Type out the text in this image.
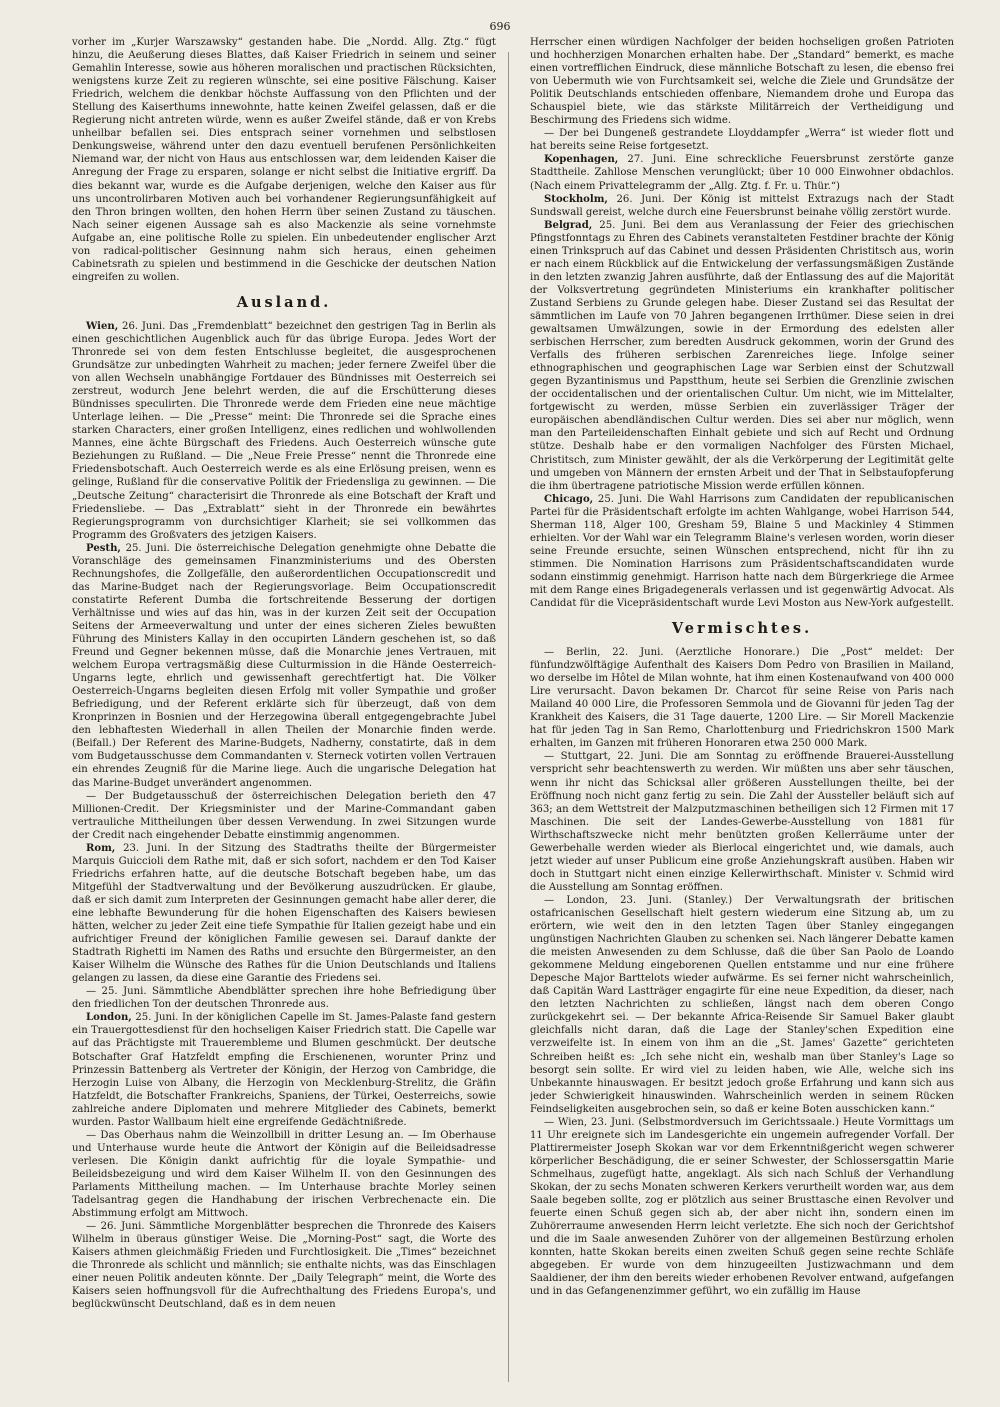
696

vorher im „Kurjer Warszawsky“ gestanden habe. Die „Nordd. Allg. Ztg.“ fügt hinzu, die Aeußerung dieses Blattes, daß Kaiser Friedrich in seinem und seiner Gemahlin Interesse, sowie aus höheren moralischen und practischen Rücksichten, wenigstens kurze Zeit zu regieren wünschte, sei eine positive Fälschung. Kaiser Friedrich, welchem die denkbar höchste Auffassung von den Pflichten und der Stellung des Kaiserthums innewohnte, hatte keinen Zweifel gelassen, daß er die Regierung nicht antreten würde, wenn es außer Zweifel stände, daß er von Krebs unheilbar befallen sei. Dies entsprach seiner vornehmen und selbstlosen Denkungsweise, während unter den dazu eventuell berufenen Persönlichkeiten Niemand war, der nicht von Haus aus entschlossen war, dem leidenden Kaiser die Anregung der Frage zu ersparen, solange er nicht selbst die Initiative ergriff. Da dies bekannt war, wurde es die Aufgabe derjenigen, welche den Kaiser aus für uns uncontrolirbaren Motiven auch bei vorhandener Regierungsunfähigkeit auf den Thron bringen wollten, den hohen Herrn über seinen Zustand zu täuschen. Nach seiner eigenen Aussage sah es also Mackenzie als seine vornehmste Aufgabe an, eine politische Rolle zu spielen. Ein unbedeutender englischer Arzt von radical-politischer Gesinnung nahm sich heraus, einen geheimen Cabinetsrath zu spielen und bestimmend in die Geschicke der deutschen Nation eingreifen zu wollen.

Ausland.

Wien, 26. Juni. Das „Fremdenblatt“ bezeichnet den gestrigen Tag in Berlin als einen geschichtlichen Augenblick auch für das übrige Europa. Jedes Wort der Thronrede sei von dem festen Entschlusse begleitet, die ausgesprochenen Grundsätze zur unbedingten Wahrheit zu machen; jeder fernere Zweifel über die von allen Wechseln unabhängige Fortdauer des Bündnisses mit Oesterreich sei zerstreut, wodurch Jene belehrt werden, die auf die Erschütterung dieses Bündnisses speculirten. Die Thronrede werde dem Frieden eine neue mächtige Unterlage leihen. — Die „Presse“ meint: Die Thronrede sei die Sprache eines starken Characters, einer großen Intelligenz, eines redlichen und wohlwollenden Mannes, eine ächte Bürgschaft des Friedens. Auch Oesterreich wünsche gute Beziehungen zu Rußland. — Die „Neue Freie Presse“ nennt die Thronrede eine Friedensbotschaft. Auch Oesterreich werde es als eine Erlösung preisen, wenn es gelinge, Rußland für die conservative Politik der Friedensliga zu gewinnen. — Die „Deutsche Zeitung“ characterisirt die Thronrede als eine Botschaft der Kraft und Friedensliebe. — Das „Extrablatt“ sieht in der Thronrede ein bewährtes Regierungsprogramm von durchsichtiger Klarheit; sie sei vollkommen das Programm des Großvaters des jetzigen Kaisers.

Pesth, 25. Juni. Die österreichische Delegation genehmigte ohne Debatte die Voranschläge des gemeinsamen Finanzministeriums und des Obersten Rechnungshofes, die Zollgefälle, den außerordentlichen Occupationscredit und das Marine-Budget nach der Regierungsvorlage. Beim Occupationscredit constatirte Referent Dumba die fortschreitende Besserung der dortigen Verhältnisse und wies auf das hin, was in der kurzen Zeit seit der Occupation Seitens der Armeeverwaltung und unter der eines sicheren Zieles bewußten Führung des Ministers Kallay in den occupirten Ländern geschehen ist, so daß Freund und Gegner bekennen müsse, daß die Monarchie jenes Vertrauen, mit welchem Europa vertragsmäßig diese Culturmission in die Hände Oesterreich-Ungarns legte, ehrlich und gewissenhaft gerechtfertigt hat. Die Völker Oesterreich-Ungarns begleiten diesen Erfolg mit voller Sympathie und großer Befriedigung, und der Referent erklärte sich für überzeugt, daß von dem Kronprinzen in Bosnien und der Herzegowina überall entgegengebrachte Jubel den lebhaftesten Wiederhall in allen Theilen der Monarchie finden werde. (Beifall.) Der Referent des Marine-Budgets, Nadherny, constatirte, daß in dem vom Budgetausschusse dem Commandanten v. Sterneck votirten vollen Vertrauen ein ehrendes Zeugniß für die Marine liege. Auch die ungarische Delegation hat das Marine-Budget unverändert angenommen.

— Der Budgetausschuß der österreichischen Delegation berieth den 47 Millionen-Credit. Der Kriegsminister und der Marine-Commandant gaben vertrauliche Mittheilungen über dessen Verwendung. In zwei Sitzungen wurde der Credit nach eingehender Debatte einstimmig angenommen.

Rom, 23. Juni. In der Sitzung des Stadtraths theilte der Bürgermeister Marquis Guiccioli dem Rathe mit, daß er sich sofort, nachdem er den Tod Kaiser Friedrichs erfahren hatte, auf die deutsche Botschaft begeben habe, um das Mitgefühl der Stadtverwaltung und der Bevölkerung auszudrücken. Er glaube, daß er sich damit zum Interpreten der Gesinnungen gemacht habe aller derer, die eine lebhafte Bewunderung für die hohen Eigenschaften des Kaisers bewiesen hätten, welcher zu jeder Zeit eine tiefe Sympathie für Italien gezeigt habe und ein aufrichtiger Freund der königlichen Familie gewesen sei. Darauf dankte der Stadtrath Righetti im Namen des Raths und ersuchte den Bürgermeister, an den Kaiser Wilhelm die Wünsche des Rathes für die Union Deutschlands und Italiens gelangen zu lassen, da diese eine Garantie des Friedens sei.

— 25. Juni. Sämmtliche Abendblätter sprechen ihre hohe Befriedigung über den friedlichen Ton der deutschen Thronrede aus.

London, 25. Juni. In der königlichen Capelle im St. James-Palaste fand gestern ein Trauergottesdienst für den hochseligen Kaiser Friedrich statt. Die Capelle war auf das Prächtigste mit Trauerembleme und Blumen geschmückt. Der deutsche Botschafter Graf Hatzfeldt empfing die Erschienenen, worunter Prinz und Prinzessin Battenberg als Vertreter der Königin, der Herzog von Cambridge, die Herzogin Luise von Albany, die Herzogin von Mecklenburg-Strelitz, die Gräfin Hatzfeldt, die Botschafter Frankreichs, Spaniens, der Türkei, Oesterreichs, sowie zahlreiche andere Diplomaten und mehrere Mitglieder des Cabinets, bemerkt wurden. Pastor Wallbaum hielt eine ergreifende Gedächtnißrede.

— Das Oberhaus nahm die Weinzollbill in dritter Lesung an. — Im Oberhause und Unterhause wurde heute die Antwort der Königin auf die Beileidsadresse verlesen. Die Königin dankt aufrichtig für die loyale Sympathie- und Beileidsbezeigung und wird dem Kaiser Wilhelm II. von den Gesinnungen des Parlaments Mittheilung machen. — Im Unterhause brachte Morley seinen Tadelsantrag gegen die Handhabung der irischen Verbrechenacte ein. Die Abstimmung erfolgt am Mittwoch.

— 26. Juni. Sämmtliche Morgenblätter besprechen die Thronrede des Kaisers Wilhelm in überaus günstiger Weise. Die „Morning-Post“ sagt, die Worte des Kaisers athmen gleichmäßig Frieden und Furchtlosigkeit. Die „Times“ bezeichnet die Thronrede als schlicht und männlich; sie enthalte nichts, was das Einschlagen einer neuen Politik andeuten könnte. Der „Daily Telegraph“ meint, die Worte des Kaisers seien hoffnungsvoll für die Aufrechthaltung des Friedens Europa's, und beglückwünscht Deutschland, daß es in dem neuen

Herrscher einen würdigen Nachfolger der beiden hochseligen großen Patrioten und hochherzigen Monarchen erhalten habe. Der „Standard“ bemerkt, es mache einen vortrefflichen Eindruck, diese männliche Botschaft zu lesen, die ebenso frei von Uebermuth wie von Furchtsamkeit sei, welche die Ziele und Grundsätze der Politik Deutschlands entschieden offenbare, Niemandem drohe und Europa das Schauspiel biete, wie das stärkste Militärreich der Vertheidigung und Beschirmung des Friedens sich widme.

— Der bei Dungeneß gestrandete Lloyddampfer „Werra“ ist wieder flott und hat bereits seine Reise fortgesetzt.

Kopenhagen, 27. Juni. Eine schreckliche Feuersbrunst zerstörte ganze Stadttheile. Zahllose Menschen verunglückt; über 10 000 Einwohner obdachlos. (Nach einem Privattelegramm der „Allg. Ztg. f. Fr. u. Thür.“)

Stockholm, 26. Juni. Der König ist mittelst Extrazugs nach der Stadt Sundswall gereist, welche durch eine Feuersbrunst beinahe völlig zerstört wurde.

Belgrad, 25. Juni. Bei dem aus Veranlassung der Feier des griechischen Pfingstfonntags zu Ehren des Cabinets veranstalteten Festdiner brachte der König einen Trinkspruch auf das Cabinet und dessen Präsidenten Christitsch aus, worin er nach einem Rückblick auf die Entwickelung der verfassungsmäßigen Zustände in den letzten zwanzig Jahren ausführte, daß der Entlassung des auf die Majorität der Volksvertretung gegründeten Ministeriums ein krankhafter politischer Zustand Serbiens zu Grunde gelegen habe. Dieser Zustand sei das Resultat der sämmtlichen im Laufe von 70 Jahren begangenen Irrthümer. Diese seien in drei gewaltsamen Umwälzungen, sowie in der Ermordung des edelsten aller serbischen Herrscher, zum beredten Ausdruck gekommen, worin der Grund des Verfalls des früheren serbischen Zarenreiches liege. Infolge seiner ethnographischen und geographischen Lage war Serbien einst der Schutzwall gegen Byzantinismus und Papstthum, heute sei Serbien die Grenzlinie zwischen der occidentalischen und der orientalischen Cultur. Um nicht, wie im Mittelalter, fortgewischt zu werden, müsse Serbien ein zuverlässiger Träger der europäischen abendländischen Cultur werden. Dies sei aber nur möglich, wenn man den Parteileidenschaften Einhalt gebiete und sich auf Recht und Ordnung stütze. Deshalb habe er den vormaligen Nachfolger des Fürsten Michael, Christitsch, zum Minister gewählt, der als die Verkörperung der Legitimität gelte und umgeben von Männern der ernsten Arbeit und der That in Selbstaufopferung die ihm übertragene patriotische Mission werde erfüllen können.

Chicago, 25. Juni. Die Wahl Harrisons zum Candidaten der republicanischen Partei für die Präsidentschaft erfolgte im achten Wahlgange, wobei Harrison 544, Sherman 118, Alger 100, Gresham 59, Blaine 5 und Mackinley 4 Stimmen erhielten. Vor der Wahl war ein Telegramm Blaine's verlesen worden, worin dieser seine Freunde ersuchte, seinen Wünschen entsprechend, nicht für ihn zu stimmen. Die Nomination Harrisons zum Präsidentschaftscandidaten wurde sodann einstimmig genehmigt. Harrison hatte nach dem Bürgerkriege die Armee mit dem Range eines Brigadegenerals verlassen und ist gegenwärtig Advocat. Als Candidat für die Vicepräsidentschaft wurde Levi Moston aus New-York aufgestellt.

Vermischtes.

— Berlin, 22. Juni. (Aerztliche Honorare.) Die „Post“ meldet: Der fünfundzwölftägige Aufenthalt des Kaisers Dom Pedro von Brasilien in Mailand, wo derselbe im Hôtel de Milan wohnte, hat ihm einen Kostenaufwand von 400 000 Lire verursacht. Davon bekamen Dr. Charcot für seine Reise von Paris nach Mailand 40 000 Lire, die Professoren Semmola und de Giovanni für jeden Tag der Krankheit des Kaisers, die 31 Tage dauerte, 1200 Lire. — Sir Morell Mackenzie hat für jeden Tag in San Remo, Charlottenburg und Friedrichskron 1500 Mark erhalten, im Ganzen mit früheren Honoraren etwa 250 000 Mark.

— Stuttgart, 22. Juni. Die am Sonntag zu eröffnende Brauerei-Ausstellung verspricht sehr beachtenswerth zu werden. Wir müßten uns aber sehr täuschen, wenn ihr nicht das Schicksal aller größeren Ausstellungen theilte, bei der Eröffnung noch nicht ganz fertig zu sein. Die Zahl der Aussteller beläuft sich auf 363; an dem Wettstreit der Malzputzmaschinen betheiligen sich 12 Firmen mit 17 Maschinen. Die seit der Landes-Gewerbe-Ausstellung von 1881 für Wirthschaftszwecke nicht mehr benützten großen Kellerräume unter der Gewerbehalle werden wieder als Bierlocal eingerichtet und, wie damals, auch jetzt wieder auf unser Publicum eine große Anziehungskraft ausüben. Haben wir doch in Stuttgart nicht einen einzige Kellerwirthschaft. Minister v. Schmid wird die Ausstellung am Sonntag eröffnen.

— London, 23. Juni. (Stanley.) Der Verwaltungsrath der britischen ostafricanischen Gesellschaft hielt gestern wiederum eine Sitzung ab, um zu erörtern, wie weit den in den letzten Tagen über Stanley eingegangen ungünstigen Nachrichten Glauben zu schenken sei. Nach längerer Debatte kamen die meisten Anwesenden zu dem Schlusse, daß die über San Paolo de Loando gekommene Meldung eingeborenen Quellen entstamme und nur eine frühere Depesche Major Barttelots wieder aufwärme. Es sei ferner nicht wahrscheinlich, daß Capitän Ward Lastträger engagirte für eine neue Expedition, da dieser, nach den letzten Nachrichten zu schließen, längst nach dem oberen Congo zurückgekehrt sei. — Der bekannte Africa-Reisende Sir Samuel Baker glaubt gleichfalls nicht daran, daß die Lage der Stanley'schen Expedition eine verzweifelte ist. In einem von ihm an die „St. James' Gazette“ gerichteten Schreiben heißt es: „Ich sehe nicht ein, weshalb man über Stanley's Lage so besorgt sein sollte. Er wird viel zu leiden haben, wie Alle, welche sich ins Unbekannte hinauswagen. Er besitzt jedoch große Erfahrung und kann sich aus jeder Schwierigkeit hinauswinden. Wahrscheinlich werden in seinem Rücken Feindseligkeiten ausgebrochen sein, so daß er keine Boten ausschicken kann.“

— Wien, 23. Juni. (Selbstmordversuch im Gerichtssaale.) Heute Vormittags um 11 Uhr ereignete sich im Landesgerichte ein ungemein aufregender Vorfall. Der Plattirermeister Joseph Skokan war vor dem Erkenntnißgericht wegen schwerer körperlicher Beschädigung, die er seiner Schwester, der Schlossersgattin Marie Schmelhaus, zugefügt hatte, angeklagt. Als sich nach Schluß der Verhandlung Skokan, der zu sechs Monaten schweren Kerkers verurtheilt worden war, aus dem Saale begeben sollte, zog er plötzlich aus seiner Brusttasche einen Revolver und feuerte einen Schuß gegen sich ab, der aber nicht ihn, sondern einen im Zuhörerraume anwesenden Herrn leicht verletzte. Ehe sich noch der Gerichtshof und die im Saale anwesenden Zuhörer von der allgemeinen Bestürzung erholen konnten, hatte Skokan bereits einen zweiten Schuß gegen seine rechte Schläfe abgegeben. Er wurde von dem hinzugeeilten Justizwachmann und dem Saaldiener, der ihm den bereits wieder erhobenen Revolver entwand, aufgefangen und in das Gefangenenzimmer geführt, wo ein zufällig im Hause
